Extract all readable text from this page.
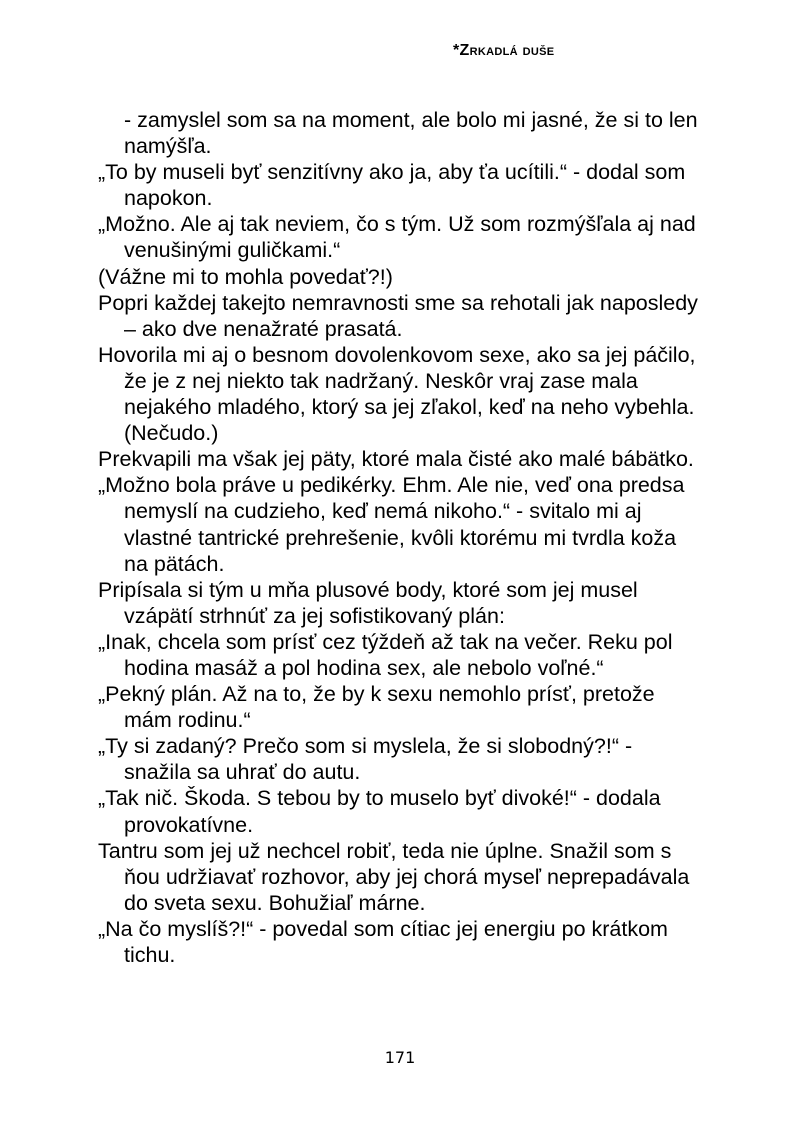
*Zrkadlá duše

- zamyslel som sa na moment, ale bolo mi jasné, že si to len namýšľa.

„To by museli byť senzitívny ako ja, aby ťa ucítili.“ - dodal som napokon.

„Možno. Ale aj tak neviem, čo s tým. Už som rozmýšľala aj nad venušinými guličkami.“

(Vážne mi to mohla povedať?!)

Popri každej takejto nemravnosti sme sa rehotali jak naposledy – ako dve nenažraté prasatá.

Hovorila mi aj o besnom dovolenkovom sexe, ako sa jej páčilo, že je z nej niekto tak nadržaný. Neskôr vraj zase mala nejakého mladého, ktorý sa jej zľakol, keď na neho vybehla. (Nečudo.)

Prekvapili ma však jej päty, ktoré mala čisté ako malé bábätko.

„Možno bola práve u pedikérky. Ehm. Ale nie, veď ona predsa nemyslí na cudzieho, keď nemá nikoho.“ - svitalo mi aj vlastné tantrické prehrešenie, kvôli ktorému mi tvrdla koža na pätách.

Pripísala si tým u mňa plusové body, ktoré som jej musel vzápätí strhnúť za jej sofistikovaný plán:

„Inak, chcela som prísť cez týždeň až tak na večer. Reku pol hodina masáž a pol hodina sex, ale nebolo voľné.“

„Pekný plán. Až na to, že by k sexu nemohlo prísť, pretože mám rodinu.“

„Ty si zadaný? Prečo som si myslela, že si slobodný?!“ - snažila sa uhrať do autu.

„Tak nič. Škoda. S tebou by to muselo byť divoké!“ - dodala provokatívne.

Tantru som jej už nechcel robiť, teda nie úplne. Snažil som s ňou udržiavať rozhovor, aby jej chorá myseľ neprepadávala do sveta sexu. Bohužiaľ márne.

„Na čo myslíš?!“ - povedal som cítiac jej energiu po krátkom tichu.

171
